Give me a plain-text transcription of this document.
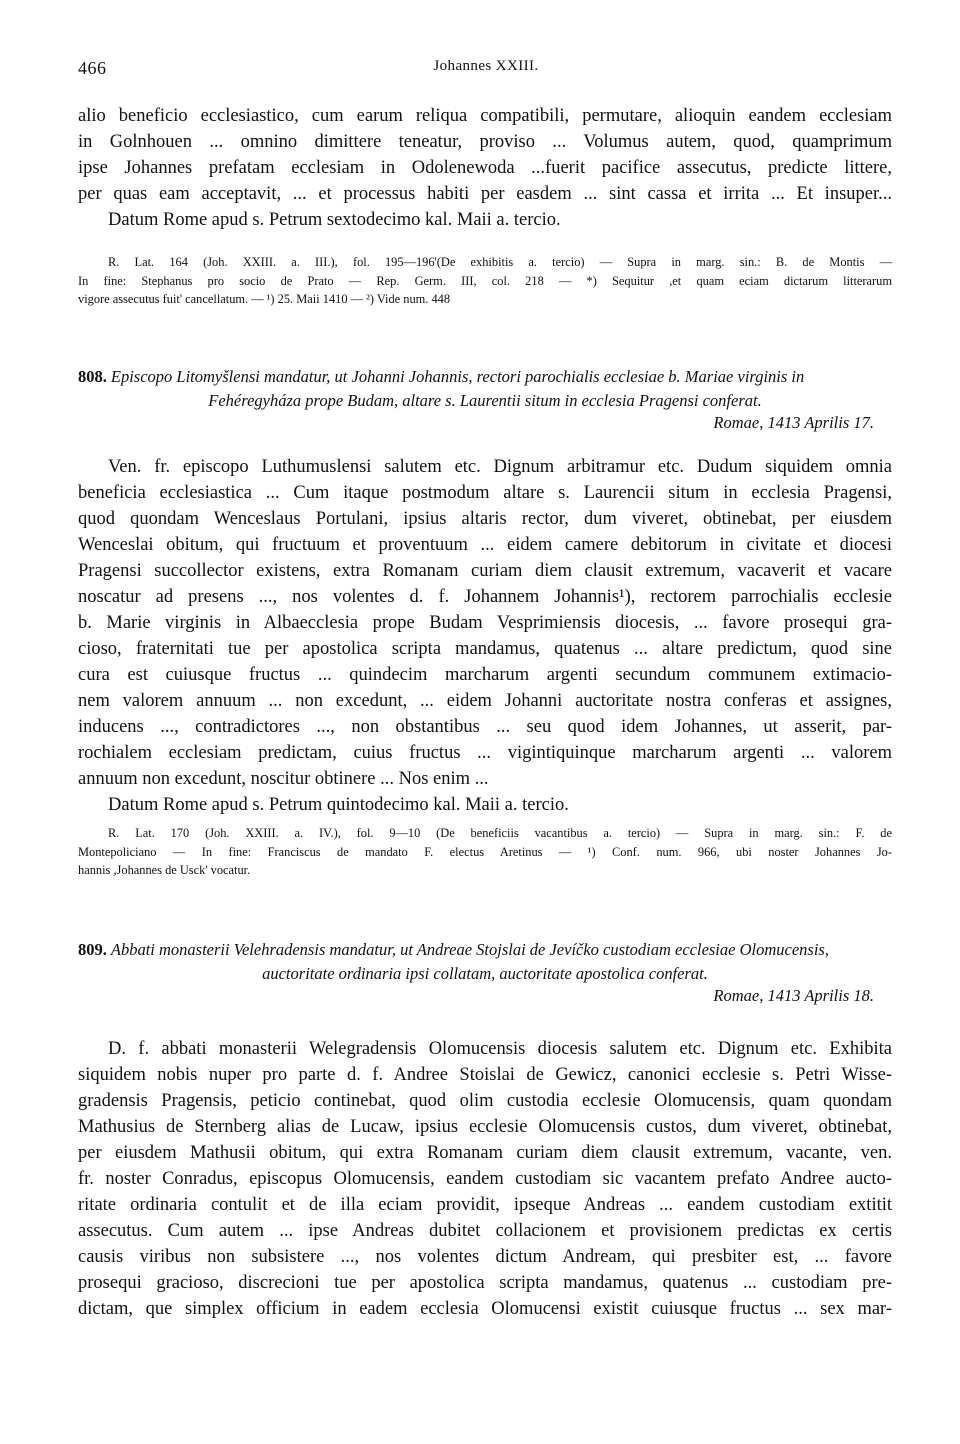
466	Johannes XXIII.

alio beneficio ecclesiastico, cum earum reliqua compatibili, permutare, alioquin eandem ecclesiam
in Golnhouen ... omnino dimittere teneatur, proviso ... Volumus autem, quod, quamprimum
ipse Johannes prefatam ecclesiam in Odolenewoda ...fuerit pacifice assecutus, predicte littere,
per quas eam acceptavit, ... et processus habiti per easdem ... sint cassa et irrita ... Et insuper...
Datum Rome apud s. Petrum sextodecimo kal. Maii a. tercio.

R. Lat. 164 (Joh. XXIII. a. III.), fol. 195—196'(De exhibitis a. tercio) — Supra in marg. sin.: B. de Montis —
In fine: Stephanus pro socio de Prato — Rep. Germ. III, col. 218 — *) Sequitur ,et quam eciam dictarum litterarum
vigore assecutus fuit' cancellatum. — ¹) 25. Maii 1410 — ²) Vide num. 448

808. Episcopo Litomyšlensi mandatur, ut Johanni Johannis, rectori parochialis ecclesiae b. Mariae virginis in
Fehéregyháza prope Budam, altare s. Laurentii situm in ecclesia Pragensi conferat.

Romae, 1413 Aprilis 17.

Ven. fr. episcopo Luthumuslensi salutem etc. Dignum arbitramur etc. Dudum siquidem omnia
beneficia ecclesiastica ... Cum itaque postmodum altare s. Laurencii situm in ecclesia Pragensi,
quod quondam Wenceslaus Portulani, ipsius altaris rector, dum viveret, obtinebat, per eiusdem
Wenceslai obitum, qui fructuum et proventuum ... eidem camere debitorum in civitate et diocesi
Pragensi succollector existens, extra Romanam curiam diem clausit extremum, vacaverit et vacare
noscatur ad presens ..., nos volentes d. f. Johannem Johannis¹), rectorem parrochialis ecclesie
b. Marie virginis in Albaecclesia prope Budam Vesprimiensis diocesis, ... favore prosequi gra-
cioso, fraternitati tue per apostolica scripta mandamus, quatenus ... altare predictum, quod sine
cura est cuiusque fructus ... quindecim marcharum argenti secundum communem extimacio-
nem valorem annuum ... non excedunt, ... eidem Johanni auctoritate nostra conferas et assignes,
inducens ..., contradictores ..., non obstantibus ... seu quod idem Johannes, ut asserit, par-
rochialem ecclesiam predictam, cuius fructus ... vigintiquinque marcharum argenti ... valorem
annuum non excedunt, noscitur obtinere ... Nos enim ...
Datum Rome apud s. Petrum quintodecimo kal. Maii a. tercio.

R. Lat. 170 (Joh. XXIII. a. IV.), fol. 9—10 (De beneficiis vacantibus a. tercio) — Supra in marg. sin.: F. de
Montepoliciano — In fine: Franciscus de mandato F. electus Aretinus — ¹) Conf. num. 966, ubi noster Johannes Jo-
hannis ,Johannes de Usck' vocatur.

809. Abbati monasterii Velehradensis mandatur, ut Andreae Stojslai de Jevíčko custodiam ecclesiae Olomucensis,
auctoritate ordinaria ipsi collatam, auctoritate apostolica conferat.

Romae, 1413 Aprilis 18.

D. f. abbati monasterii Welegradensis Olomucensis diocesis salutem etc. Dignum etc. Exhibita
siquidem nobis nuper pro parte d. f. Andree Stoislai de Gewicz, canonici ecclesie s. Petri Wisse-
gradensis Pragensis, peticio continebat, quod olim custodia ecclesie Olomucensis, quam quondam
Mathusius de Sternberg alias de Lucaw, ipsius ecclesie Olomucensis custos, dum viveret, obtinebat,
per eiusdem Mathusii obitum, qui extra Romanam curiam diem clausit extremum, vacante, ven.
fr. noster Conradus, episcopus Olomucensis, eandem custodiam sic vacantem prefato Andree aucto-
ritate ordinaria contulit et de illa eciam providit, ipseque Andreas ... eandem custodiam extitit
assecutus. Cum autem ... ipse Andreas dubitet collacionem et provisionem predictas ex certis
causis viribus non subsistere ..., nos volentes dictum Andream, qui presbiter est, ... favore
prosequi gracioso, discrecioni tue per apostolica scripta mandamus, quatenus ... custodiam pre-
dictam, que simplex officium in eadem ecclesia Olomucensi existit cuiusque fructus ... sex mar-
